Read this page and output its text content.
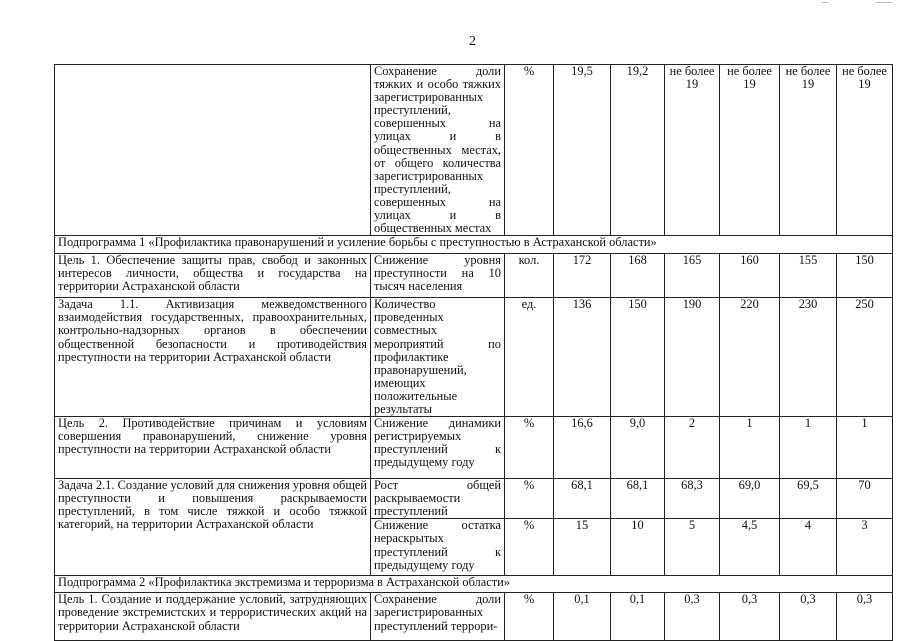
2
	Сохранение доли тяжких и особо тяжких зарегистрированных преступлений, совершенных на улицах и в общественных местах, от общего количества зарегистрированных преступлений, совершенных на улицах и в общественных местах	%	19,5	19,2	не более 19	не более 19	не более 19	не более 19
Подпрограмма 1 «Профилактика правонарушений и усиление борьбы с преступностью в Астраханской области»								
Цель 1. Обеспечение защиты прав, свобод и законных интересов личности, общества и государства на территории Астраханской области	Снижение уровня преступности на 10 тысяч населения	кол.	172	168	165	160	155	150
Задача 1.1. Активизация межведомственного взаимодействия государственных, правоохранительных, контрольно-надзорных органов в обеспечении общественной безопасности и противодействия преступности на территории Астраханской области	Количество проведенных совместных мероприятий по профилактике правонарушений, имеющих положительные результаты	ед.	136	150	190	220	230	250
Цель 2. Противодействие причинам и условиям совершения правонарушений, снижение уровня преступности на территории Астраханской области	Снижение динамики регистрируемых преступлений к предыдущему году	%	16,6	9,0	2	1	1	1
Задача 2.1. Создание условий для снижения уровня общей преступности и повышения раскрываемости преступлений, в том числе тяжкой и особо тяжкой категорий, на территории Астраханской области	Рост общей раскрываемости преступлений	%	68,1	68,1	68,3	69,0	69,5	70
	Снижение остатка нераскрытых преступлений к предыдущему году	%	15	10	5	4,5	4	3
Подпрограмма 2 «Профилактика экстремизма и терроризма в Астраханской области»								
Цель 1. Создание и поддержание условий, затрудняющих проведение экстремистских и террористических акций на территории Астраханской области	Сохранение доли зарегистрированных преступлений террори-	%	0,1	0,1	0,3	0,3	0,3	0,3
